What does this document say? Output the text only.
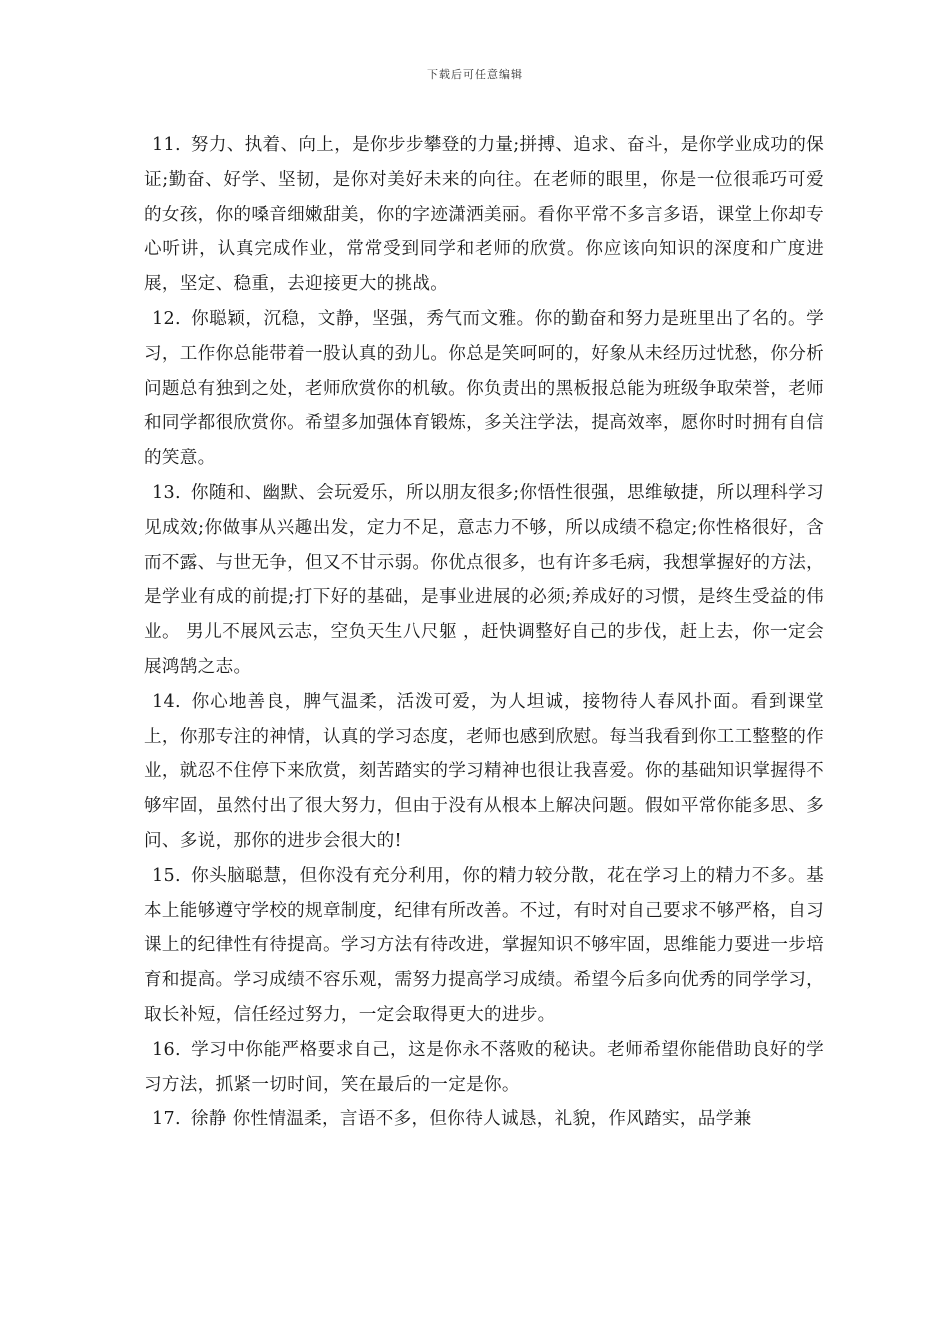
下载后可任意编辑

11. 努力、执着、向上，是你步步攀登的力量;拼搏、追求、奋斗，是你学业成功的保证;勤奋、好学、坚韧，是你对美好未来的向往。在老师的眼里，你是一位很乖巧可爱的女孩，你的嗓音细嫩甜美，你的字迹潇洒美丽。看你平常不多言多语，课堂上你却专心听讲，认真完成作业，常常受到同学和老师的欣赏。你应该向知识的深度和广度进展，坚定、稳重，去迎接更大的挑战。

12. 你聪颖，沉稳，文静，坚强，秀气而文雅。你的勤奋和努力是班里出了名的。学习，工作你总能带着一股认真的劲儿。你总是笑呵呵的，好象从未经历过忧愁，你分析问题总有独到之处，老师欣赏你的机敏。你负责出的黑板报总能为班级争取荣誉，老师和同学都很欣赏你。希望多加强体育锻炼，多关注学法，提高效率，愿你时时拥有自信的笑意。

13. 你随和、幽默、会玩爱乐，所以朋友很多;你悟性很强，思维敏捷，所以理科学习见成效;你做事从兴趣出发，定力不足，意志力不够，所以成绩不稳定;你性格很好，含而不露、与世无争，但又不甘示弱。你优点很多，也有许多毛病，我想掌握好的方法，是学业有成的前提;打下好的基础，是事业进展的必须;养成好的习惯，是终生受益的伟业。 男儿不展风云志，空负天生八尺躯 ，赶快调整好自己的步伐，赶上去，你一定会展鸿鹄之志。

14. 你心地善良，脾气温柔，活泼可爱，为人坦诚，接物待人春风扑面。看到课堂上，你那专注的神情，认真的学习态度，老师也感到欣慰。每当我看到你工工整整的作业，就忍不住停下来欣赏，刻苦踏实的学习精神也很让我喜爱。你的基础知识掌握得不够牢固，虽然付出了很大努力，但由于没有从根本上解决问题。假如平常你能多思、多问、多说，那你的进步会很大的!

15. 你头脑聪慧，但你没有充分利用，你的精力较分散，花在学习上的精力不多。基本上能够遵守学校的规章制度，纪律有所改善。不过，有时对自己要求不够严格，自习课上的纪律性有待提高。学习方法有待改进，掌握知识不够牢固，思维能力要进一步培育和提高。学习成绩不容乐观，需努力提高学习成绩。希望今后多向优秀的同学学习，取长补短，信任经过努力，一定会取得更大的进步。

16. 学习中你能严格要求自己，这是你永不落败的秘诀。老师希望你能借助良好的学习方法，抓紧一切时间，笑在最后的一定是你。

17. 徐静 你性情温柔，言语不多，但你待人诚恳，礼貌，作风踏实，品学兼
